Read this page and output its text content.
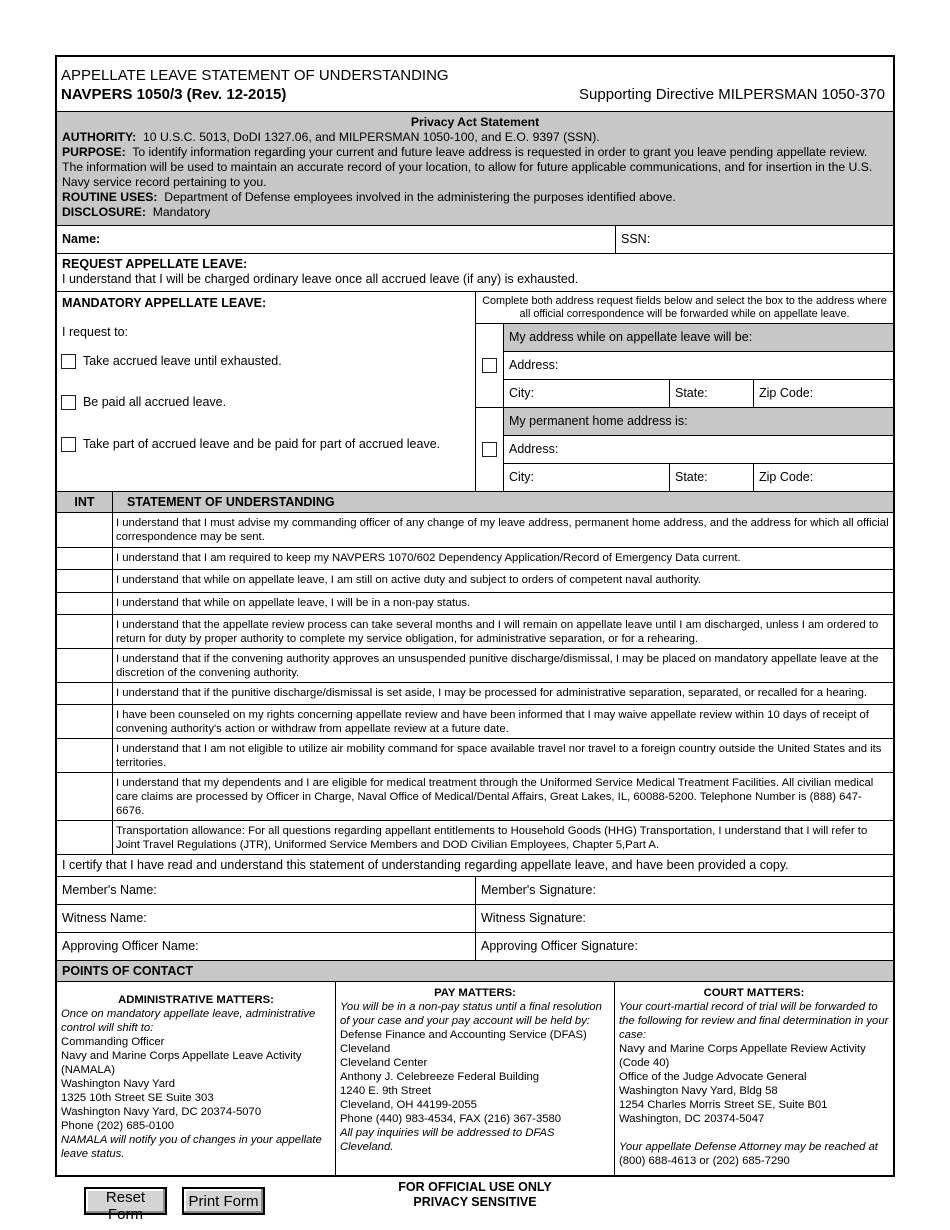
APPELLATE LEAVE STATEMENT OF UNDERSTANDING
NAVPERS 1050/3 (Rev. 12-2015)	Supporting Directive MILPERSMAN 1050-370
Privacy Act Statement
AUTHORITY: 10 U.S.C. 5013, DoDI 1327.06, and MILPERSMAN 1050-100, and E.O. 9397 (SSN).
PURPOSE: To identify information regarding your current and future leave address is requested in order to grant you leave pending appellate review. The information will be used to maintain an accurate record of your location, to allow for future applicable communications, and for insertion in the U.S. Navy service record pertaining to you.
ROUTINE USES: Department of Defense employees involved in the administering the purposes identified above.
DISCLOSURE: Mandatory
Name:	SSN:
REQUEST APPELLATE LEAVE:
I understand that I will be charged ordinary leave once all accrued leave (if any) is exhausted.
MANDATORY APPELLATE LEAVE:
I request to:
Take accrued leave until exhausted.
Be paid all accrued leave.
Take part of accrued leave and be paid for part of accrued leave.
Complete both address request fields below and select the box to the address where all official correspondence will be forwarded while on appellate leave.
My address while on appellate leave will be:
Address:
City:	State:	Zip Code:
My permanent home address is:
Address:
City:	State:	Zip Code:
INT	STATEMENT OF UNDERSTANDING
I understand that I must advise my commanding officer of any change of my leave address, permanent home address, and the address for which all official correspondence may be sent.
I understand that I am required to keep my NAVPERS 1070/602 Dependency Application/Record of Emergency Data current.
I understand that while on appellate leave, I am still on active duty and subject to orders of competent naval authority.
I understand that while on appellate leave, I will be in a non-pay status.
I understand that the appellate review process can take several months and I will remain on appellate leave until I am discharged, unless I am ordered to return for duty by proper authority to complete my service obligation, for administrative separation, or for a rehearing.
I understand that if the convening authority approves an unsuspended punitive discharge/dismissal, I may be placed on mandatory appellate leave at the discretion of the convening authority.
I understand that if the punitive discharge/dismissal is set aside, I may be processed for administrative separation, separated, or recalled for a hearing.
I have been counseled on my rights concerning appellate review and have been informed that I may waive appellate review within 10 days of receipt of convening authority's action or withdraw from appellate review at a future date.
I understand that I am not eligible to utilize air mobility command for space available travel nor travel to a foreign country outside the United States and its territories.
I understand that my dependents and I are eligible for medical treatment through the Uniformed Service Medical Treatment Facilities. All civilian medical care claims are processed by Officer in Charge, Naval Office of Medical/Dental Affairs, Great Lakes, IL, 60088-5200. Telephone Number is (888) 647-6676.
Transportation allowance: For all questions regarding appellant entitlements to Household Goods (HHG) Transportation, I understand that I will refer to Joint Travel Regulations (JTR), Uniformed Service Members and DOD Civilian Employees, Chapter 5,Part A.
I certify that I have read and understand this statement of understanding regarding appellate leave, and have been provided a copy.
Member's Name:	Member's Signature:
Witness Name:	Witness Signature:
Approving Officer Name:	Approving Officer Signature:
POINTS OF CONTACT
ADMINISTRATIVE MATTERS:
Once on mandatory appellate leave, administrative control will shift to:
Commanding Officer
Navy and Marine Corps Appellate Leave Activity (NAMALA)
Washington Navy Yard
1325 10th Street SE Suite 303
Washington Navy Yard, DC 20374-5070
Phone (202) 685-0100
NAMALA will notify you of changes in your appellate leave status.
PAY MATTERS:
You will be in a non-pay status until a final resolution of your case and your pay account will be held by:
Defense Finance and Accounting Service (DFAS)
Cleveland
Cleveland Center
Anthony J. Celebreeze Federal Building
1240 E. 9th Street
Cleveland, OH 44199-2055
Phone (440) 983-4534, FAX (216) 367-3580
All pay inquiries will be addressed to DFAS Cleveland.
COURT MATTERS:
Your court-martial record of trial will be forwarded to the following for review and final determination in your case:
Navy and Marine Corps Appellate Review Activity (Code 40)
Office of the Judge Advocate General
Washington Navy Yard, Bldg 58
1254 Charles Morris Street SE, Suite B01
Washington, DC 20374-5047
Your appellate Defense Attorney may be reached at
(800) 688-4613 or (202) 685-7290
Reset Form
Print Form
FOR OFFICIAL USE ONLY
PRIVACY SENSITIVE
